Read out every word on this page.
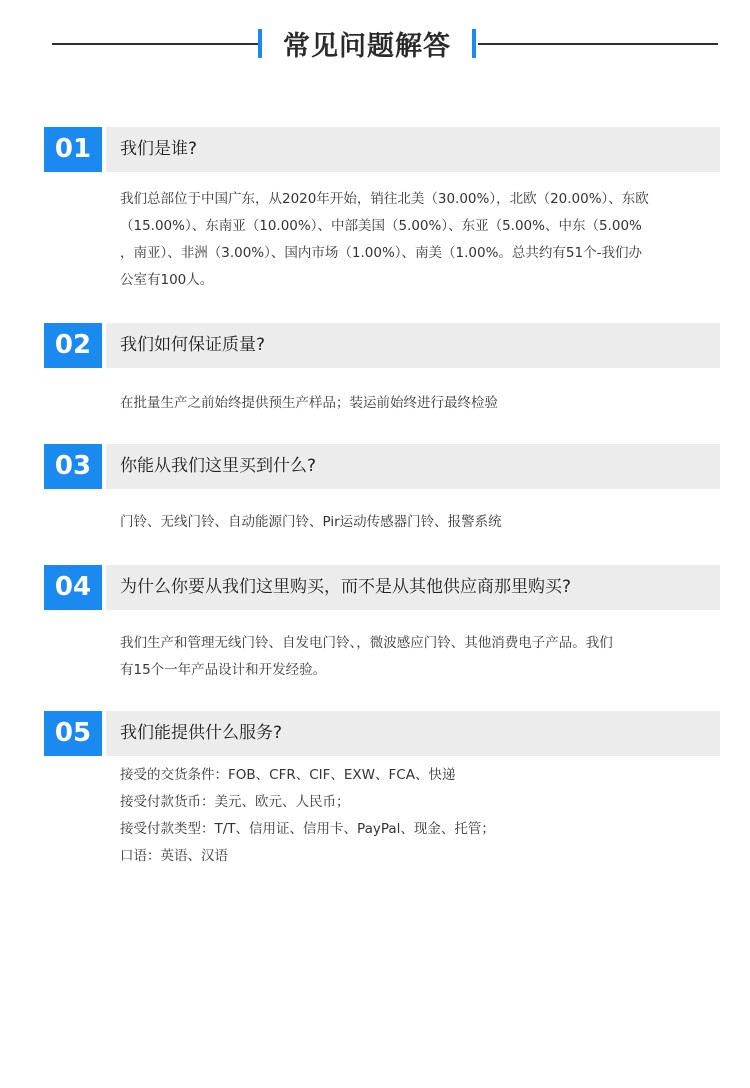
常见问题解答
01	我们是谁?
我们总部位于中国广东，从2020年开始，销往北美（30.00%），北欧（20.00%）、东欧
（15.00%）、东南亚（10.00%）、中部美国（5.00%）、东亚（5.00%、中东（5.00%
，南亚）、非洲（3.00%）、国内市场（1.00%）、南美（1.00%。总共约有51个-我们办
公室有100人。
02	我们如何保证质量?
在批量生产之前始终提供预生产样品；装运前始终进行最终检验
03	你能从我们这里买到什么?
门铃、无线门铃、自动能源门铃、Pir运动传感器门铃、报警系统
04	为什么你要从我们这里购买，而不是从其他供应商那里购买?
我们生产和管理无线门铃、自发电门铃、，微波感应门铃、其他消费电子产品。我们
有15个一年产品设计和开发经验。
05	我们能提供什么服务?
接受的交货条件：FOB、CFR、CIF、EXW、FCA、快递
接受付款货币：美元、欧元、人民币；
接受付款类型：T/T、信用证、信用卡、PayPal、现金、托管；
口语：英语、汉语
